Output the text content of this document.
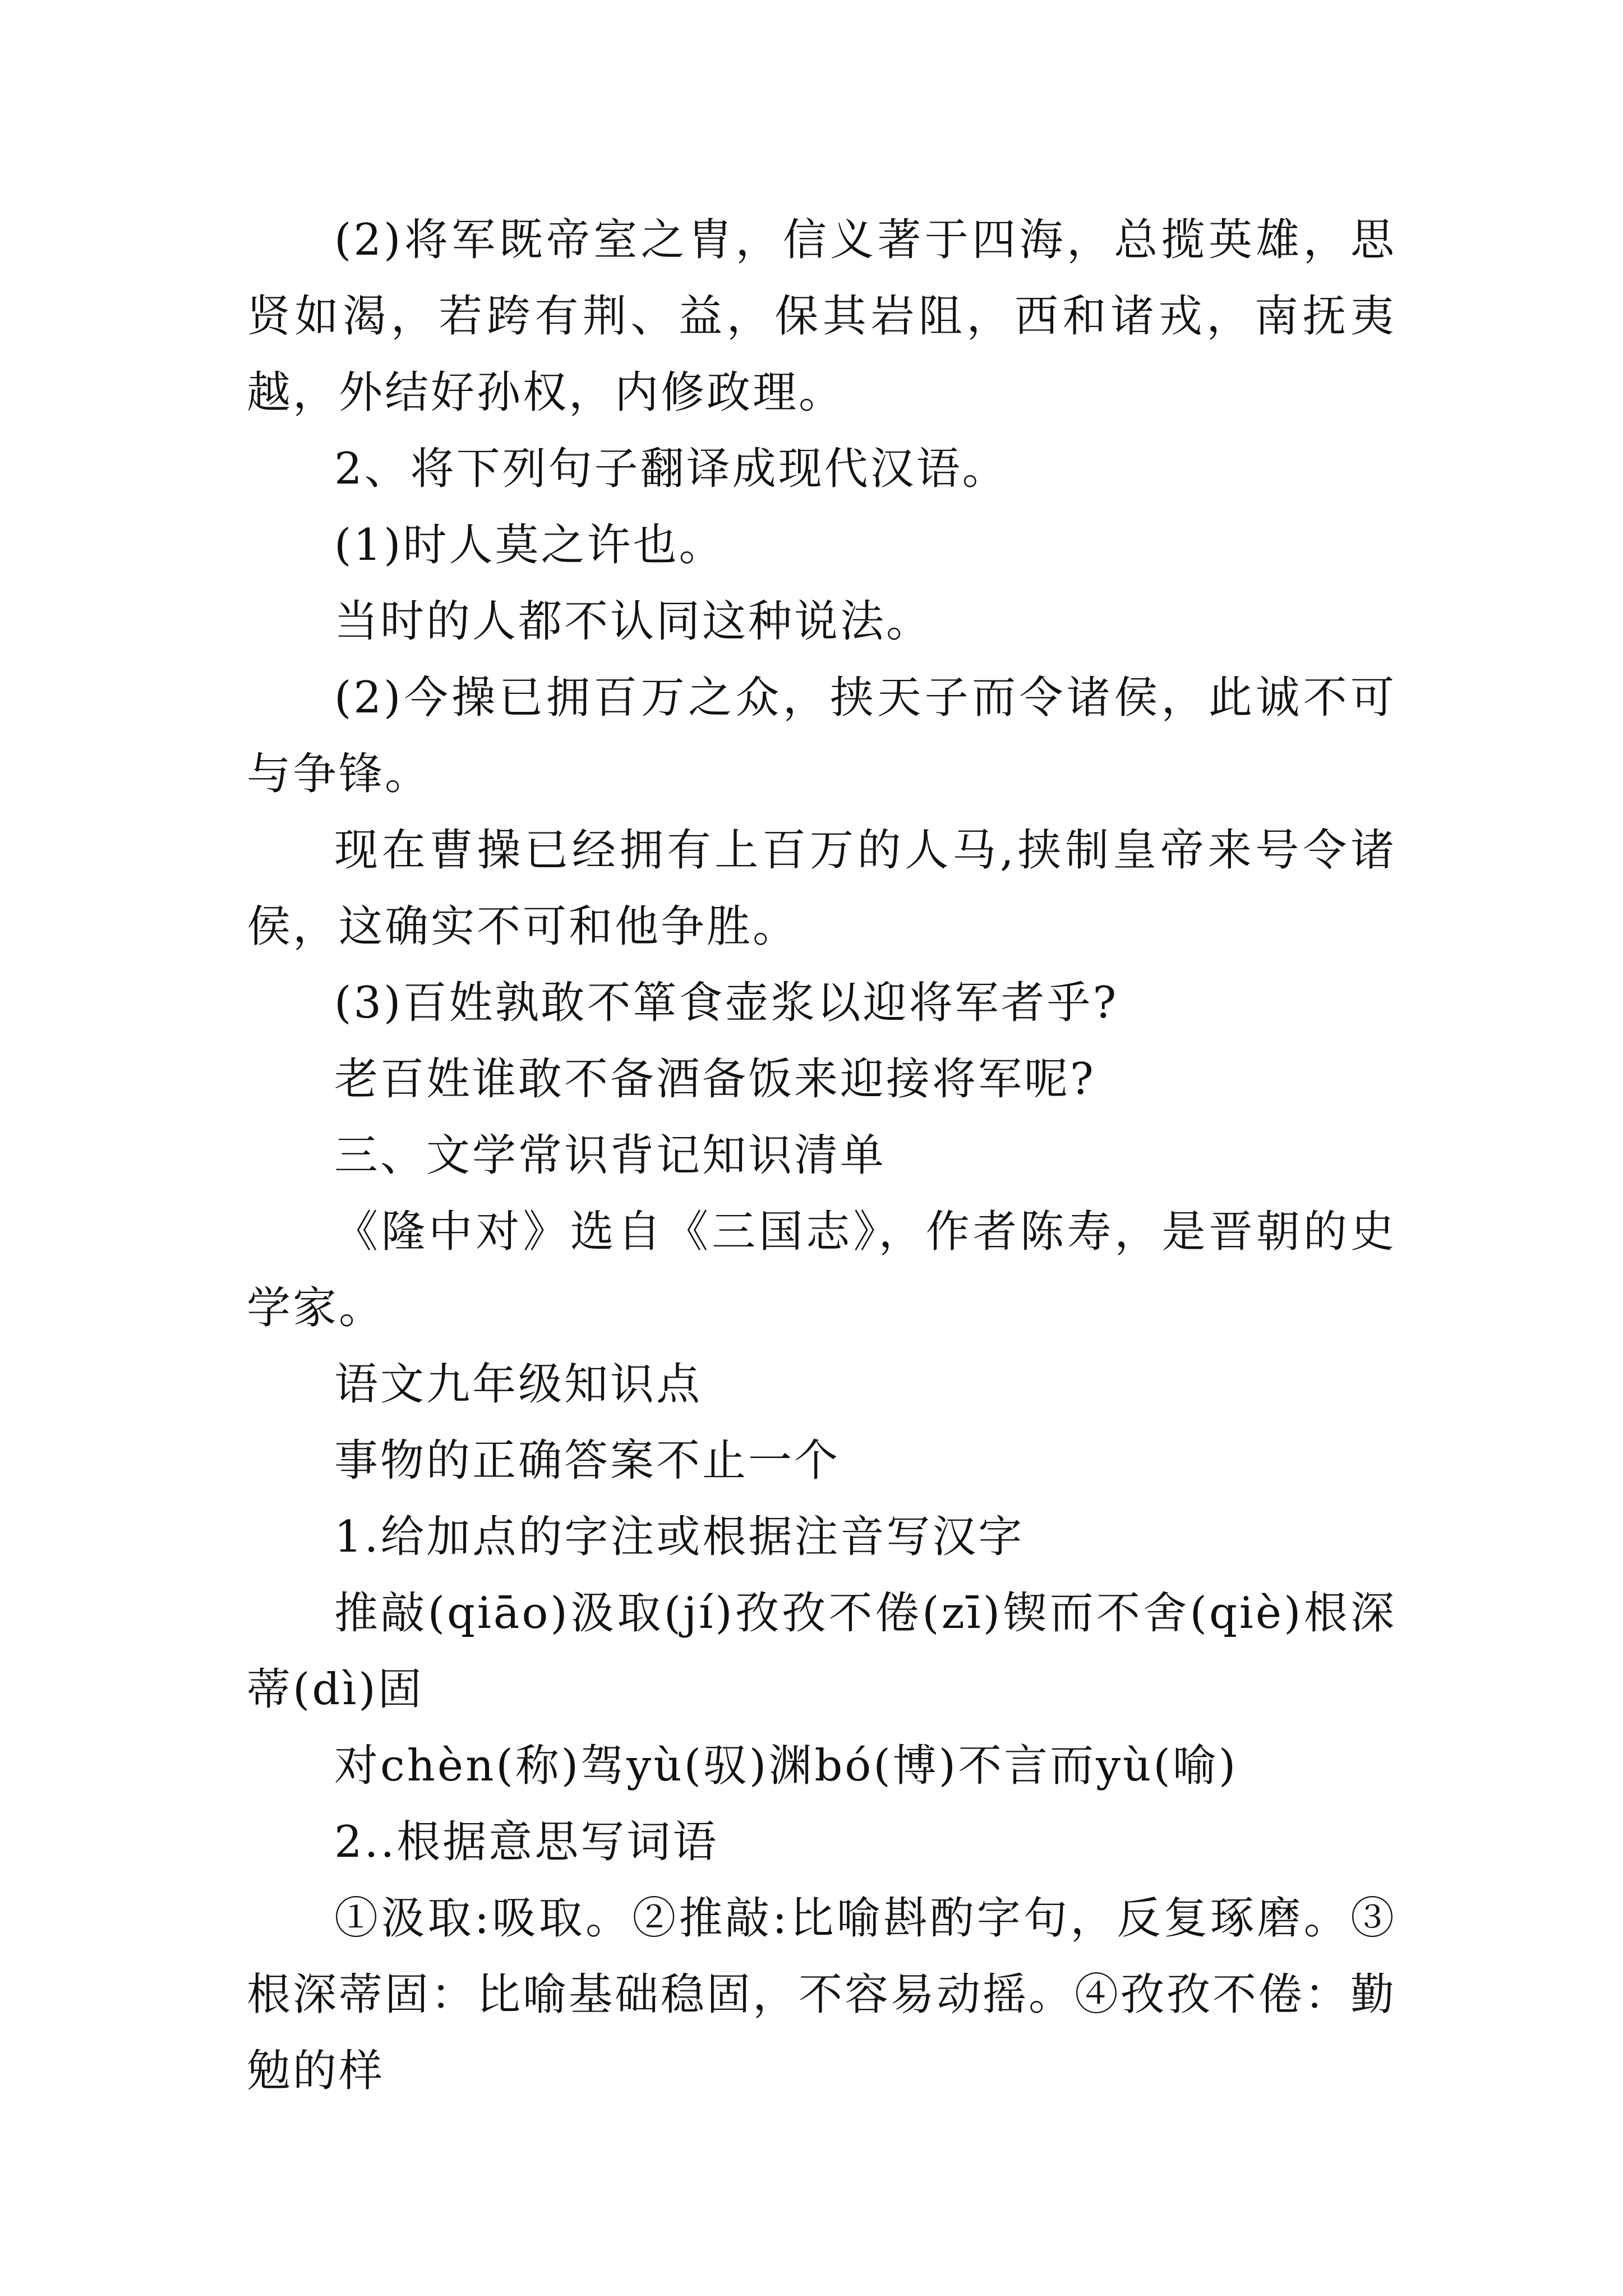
(2)将军既帝室之胄，信义著于四海，总揽英雄，思贤如渴，若跨有荆、益，保其岩阻，西和诸戎，南抚夷越，外结好孙权，内修政理。

2、将下列句子翻译成现代汉语。

(1)时人莫之许也。

当时的人都不认同这种说法。

(2)今操已拥百万之众，挟天子而令诸侯，此诚不可与争锋。

现在曹操已经拥有上百万的人马,挟制皇帝来号令诸侯，这确实不可和他争胜。

(3)百姓孰敢不箪食壶浆以迎将军者乎?

老百姓谁敢不备酒备饭来迎接将军呢?

三、文学常识背记知识清单

《隆中对》选自《三国志》，作者陈寿，是晋朝的史学家。

语文九年级知识点

事物的正确答案不止一个

1.给加点的字注或根据注音写汉字

推敲(qiāo)汲取(jí)孜孜不倦(zī)锲而不舍(qiè)根深蒂(dì)固

对chèn(称)驾yù(驭)渊bó(博)不言而yù(喻)

2..根据意思写词语

①汲取:吸取。②推敲:比喻斟酌字句，反复琢磨。③根深蒂固：比喻基础稳固，不容易动摇。④孜孜不倦：勤勉的样
